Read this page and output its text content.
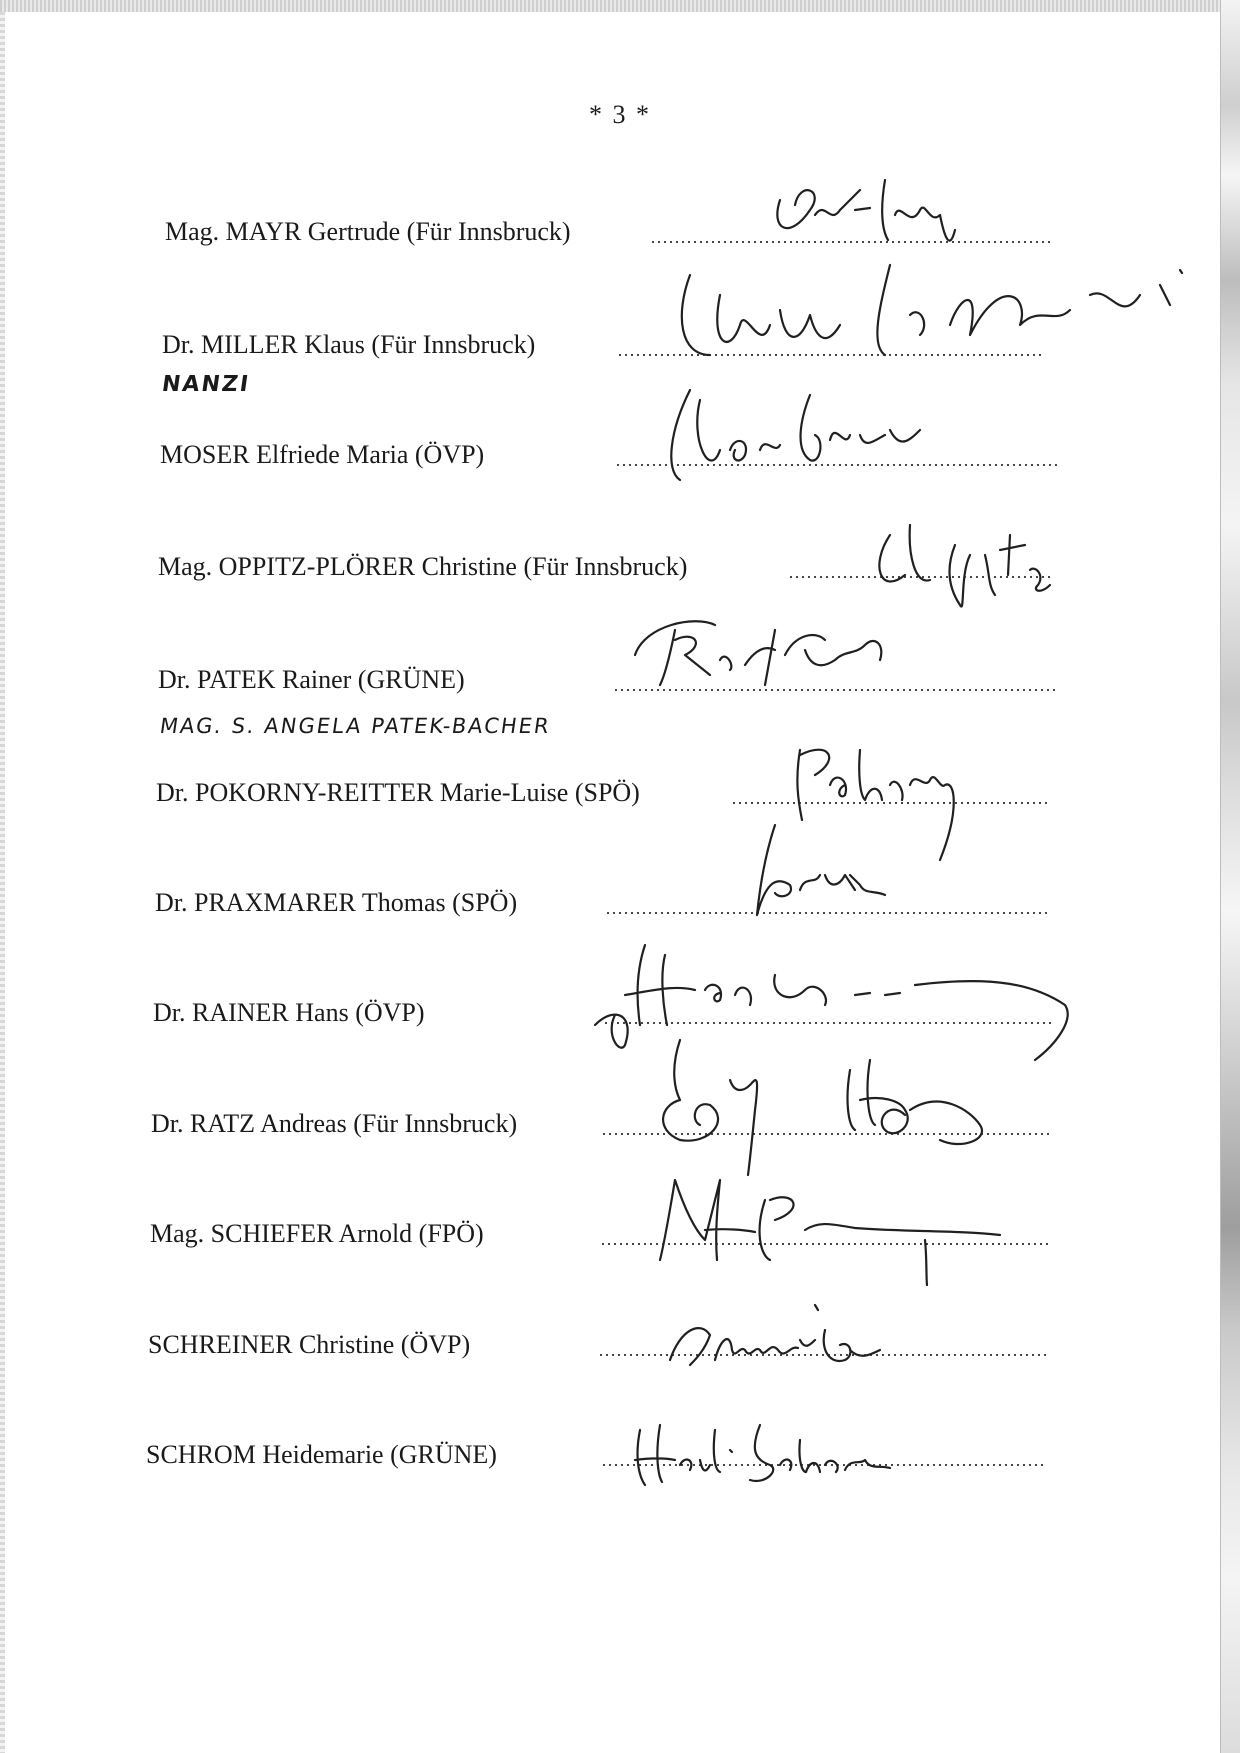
* 3 *
Mag. MAYR Gertrude (Für Innsbruck)
Dr. MILLER Klaus (Für Innsbruck)
NANZI
MOSER Elfriede Maria (ÖVP)
Mag. OPPITZ-PLÖRER Christine (Für Innsbruck)
Dr. PATEK Rainer (GRÜNE)
MAG. S. ANGELA PATEK-BACHER
Dr. POKORNY-REITTER Marie-Luise (SPÖ)
Dr. PRAXMARER Thomas (SPÖ)
Dr. RAINER Hans (ÖVP)
Dr. RATZ Andreas (Für Innsbruck)
Mag. SCHIEFER Arnold (FPÖ)
SCHREINER Christine (ÖVP)
SCHROM Heidemarie (GRÜNE)
